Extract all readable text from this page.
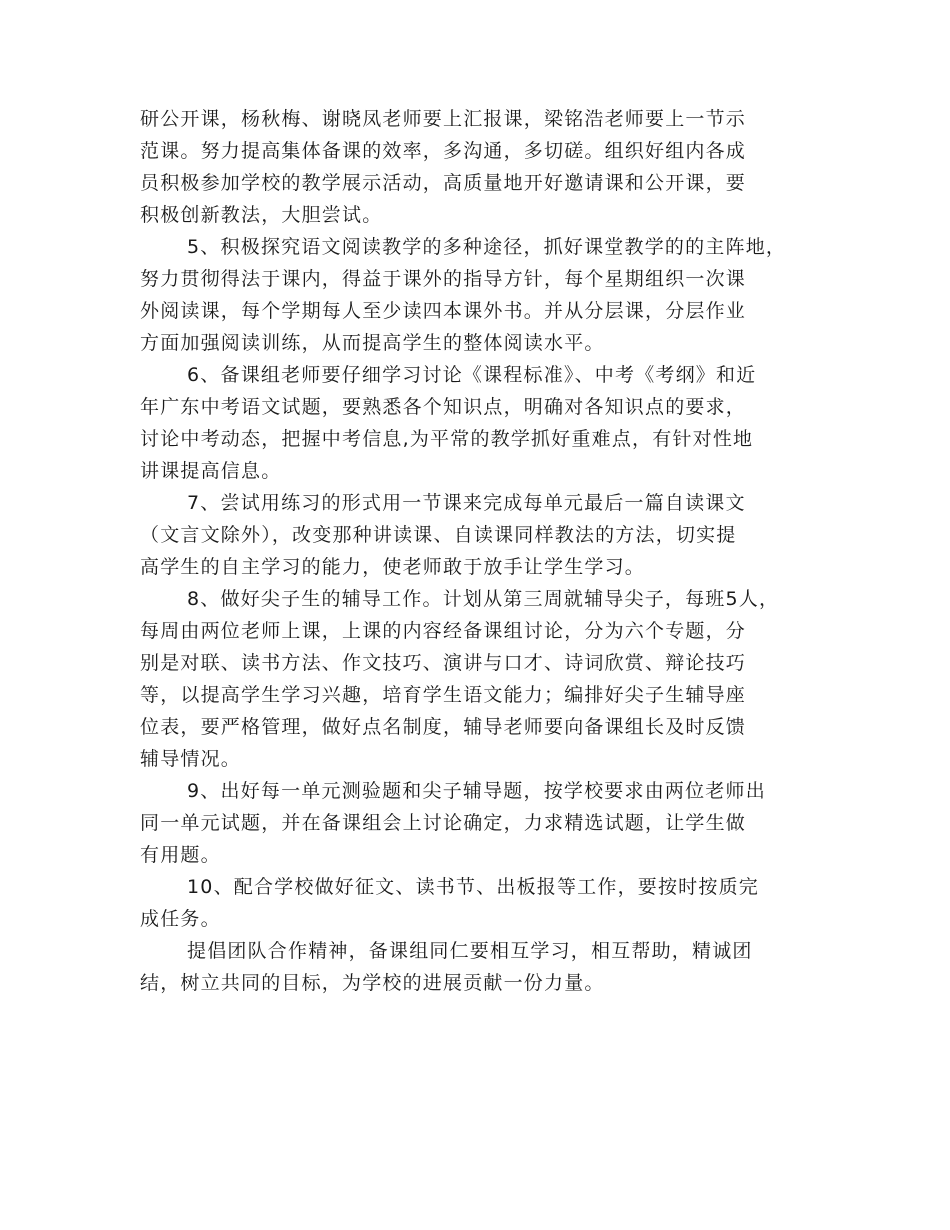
研公开课，杨秋梅、谢晓凤老师要上汇报课，梁铭浩老师要上一节示
范课。努力提高集体备课的效率，多沟通，多切磋。组织好组内各成
员积极参加学校的教学展示活动，高质量地开好邀请课和公开课，要
积极创新教法，大胆尝试。
5、积极探究语文阅读教学的多种途径，抓好课堂教学的的主阵地，
努力贯彻得法于课内，得益于课外的指导方针，每个星期组织一次课
外阅读课，每个学期每人至少读四本课外书。并从分层课，分层作业
方面加强阅读训练，从而提高学生的整体阅读水平。
6、备课组老师要仔细学习讨论《课程标准》、中考《考纲》和近
年广东中考语文试题，要熟悉各个知识点，明确对各知识点的要求，
讨论中考动态，把握中考信息,为平常的教学抓好重难点，有针对性地
讲课提高信息。
7、尝试用练习的形式用一节课来完成每单元最后一篇自读课文
（文言文除外），改变那种讲读课、自读课同样教法的方法，切实提
高学生的自主学习的能力，使老师敢于放手让学生学习。
8、做好尖子生的辅导工作。计划从第三周就辅导尖子，每班5人，
每周由两位老师上课，上课的内容经备课组讨论，分为六个专题，分
别是对联、读书方法、作文技巧、演讲与口才、诗词欣赏、辩论技巧
等，以提高学生学习兴趣，培育学生语文能力；编排好尖子生辅导座
位表，要严格管理，做好点名制度，辅导老师要向备课组长及时反馈
辅导情况。
9、出好每一单元测验题和尖子辅导题，按学校要求由两位老师出
同一单元试题，并在备课组会上讨论确定，力求精选试题，让学生做
有用题。
10、配合学校做好征文、读书节、出板报等工作，要按时按质完
成任务。
提倡团队合作精神，备课组同仁要相互学习，相互帮助，精诚团
结，树立共同的目标，为学校的进展贡献一份力量。
